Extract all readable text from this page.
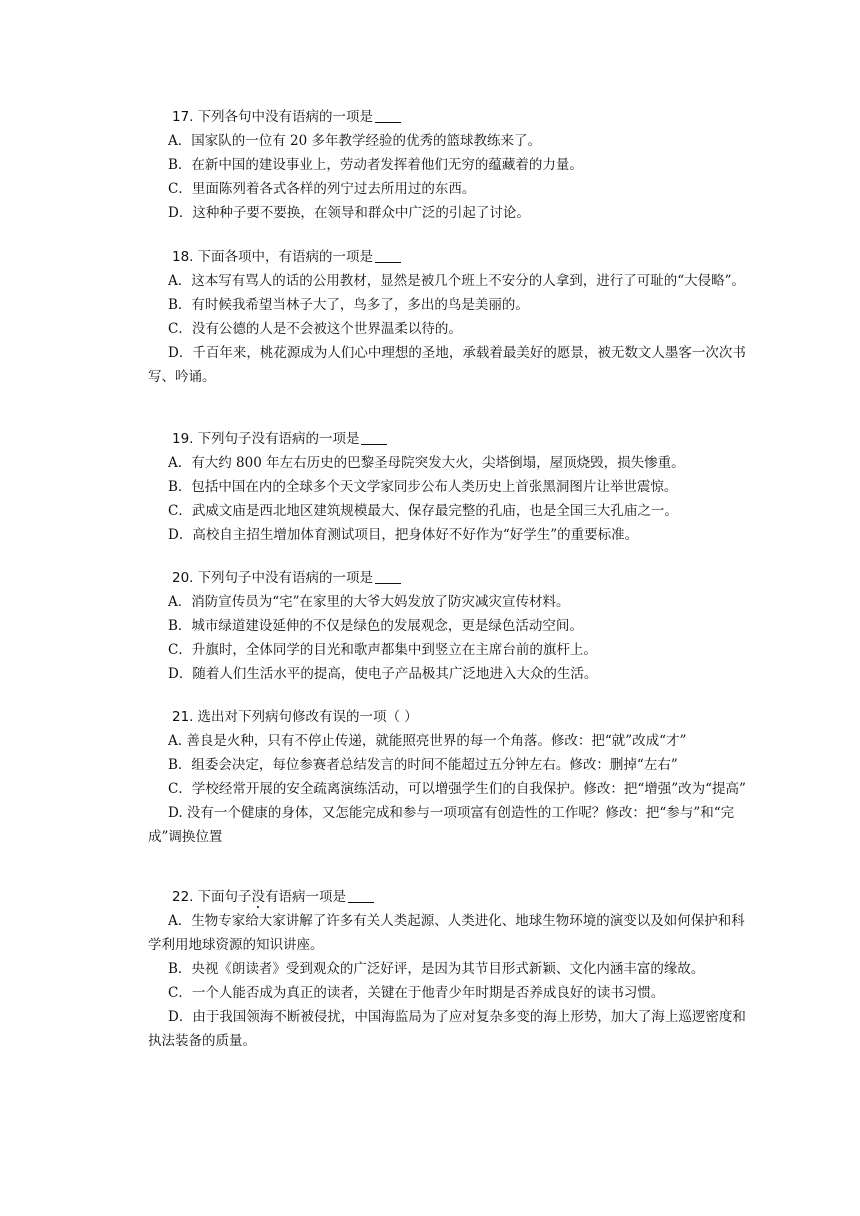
17. 下列各句中没有语病的一项是
A．国家队的一位有 20 多年教学经验的优秀的篮球教练来了。
B．在新中国的建设事业上，劳动者发挥着他们无穷的蕴藏着的力量。
C．里面陈列着各式各样的列宁过去所用过的东西。
D．这种种子要不要换，在领导和群众中广泛的引起了讨论。
18. 下面各项中，有语病的一项是
A．这本写有骂人的话的公用教材，显然是被几个班上不安分的人拿到，进行了可耻的“大侵略”。
B．有时候我希望当林子大了，鸟多了，多出的鸟是美丽的。
C．没有公德的人是不会被这个世界温柔以待的。
D．千百年来，桃花源成为人们心中理想的圣地，承载着最美好的愿景，被无数文人墨客一次次书写、吟诵。
19. 下列句子没有语病的一项是
A．有大约 800 年左右历史的巴黎圣母院突发大火，尖塔倒塌，屋顶烧毁，损失惨重。
B．包括中国在内的全球多个天文学家同步公布人类历史上首张黑洞图片让举世震惊。
C．武威文庙是西北地区建筑规模最大、保存最完整的孔庙，也是全国三大孔庙之一。
D．高校自主招生增加体育测试项目，把身体好不好作为“好学生”的重要标准。
20. 下列句子中没有语病的一项是
A．消防宣传员为“宅”在家里的大爷大妈发放了防灾减灾宣传材料。
B．城市绿道建设延伸的不仅是绿色的发展观念，更是绿色活动空间。
C．升旗时，全体同学的目光和歌声都集中到竖立在主席台前的旗杆上。
D．随着人们生活水平的提高，使电子产品极其广泛地进入大众的生活。
21. 选出对下列病句修改有误的一项（ ）
A. 善良是火种，只有不停止传递，就能照亮世界的每一个角落。修改：把“就”改成“才”
B．组委会决定，每位参赛者总结发言的时间不能超过五分钟左右。修改：删掉“左右”
C．学校经常开展的安全疏离演练活动，可以增强学生们的自我保护。修改：把“增强”改为“提高”
D. 没有一个健康的身体，又怎能完成和参与一项项富有创造性的工作呢？修改：把“参与”和“完成”调换位置
22. 下面句子没有语病一项是
A．生物专家给大家讲解了许多有关人类起源、人类进化、地球生物环境的演变以及如何保护和科学利用地球资源的知识讲座。
B．央视《朗读者》受到观众的广泛好评，是因为其节目形式新颖、文化内涵丰富的缘故。
C．一个人能否成为真正的读者，关键在于他青少年时期是否养成良好的读书习惯。
D．由于我国领海不断被侵扰，中国海监局为了应对复杂多变的海上形势，加大了海上巡逻密度和执法装备的质量。
